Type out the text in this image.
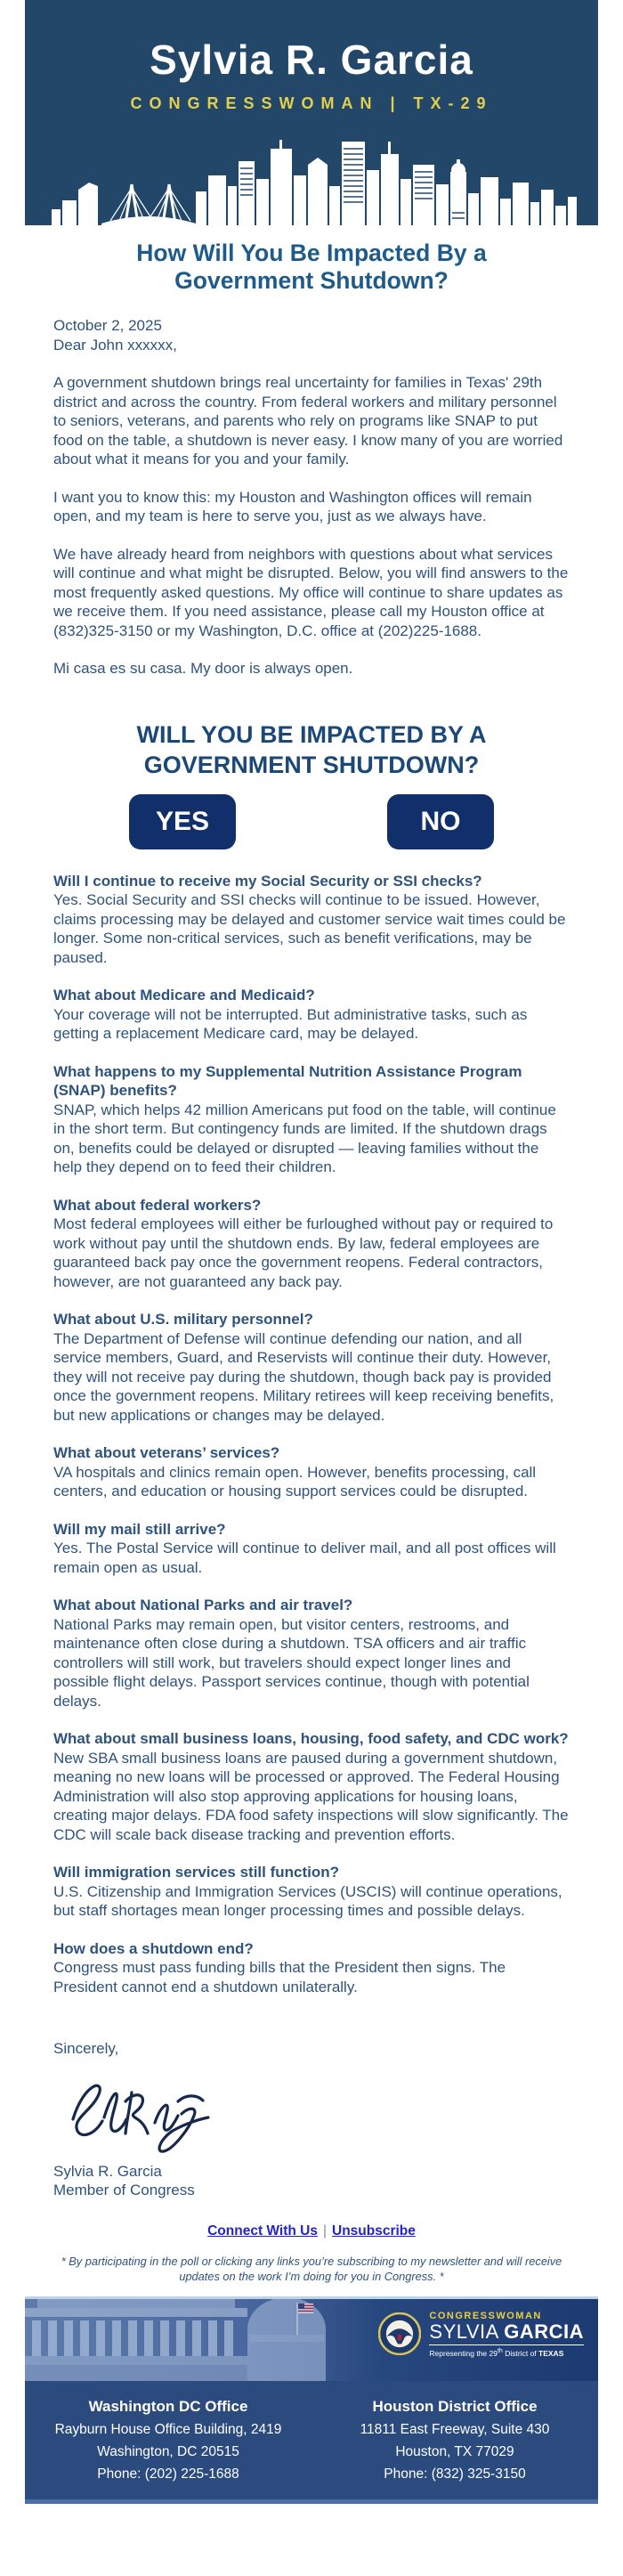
Sylvia R. Garcia
CONGRESSWOMAN | TX-29
How Will You Be Impacted By a
Government Shutdown?

October 2, 2025

Dear John xxxxxx,

A government shutdown brings real uncertainty for families in Texas' 29th district and across the country. From federal workers and military personnel to seniors, veterans, and parents who rely on programs like SNAP to put food on the table, a shutdown is never easy. I know many of you are worried about what it means for you and your family.

I want you to know this: my Houston and Washington offices will remain open, and my team is here to serve you, just as we always have.

We have already heard from neighbors with questions about what services will continue and what might be disrupted. Below, you will find answers to the most frequently asked questions. My office will continue to share updates as we receive them. If you need assistance, please call my Houston office at (832)325-3150 or my Washington, D.C. office at (202)225-1688.

Mi casa es su casa. My door is always open.

WILL YOU BE IMPACTED BY A
GOVERNMENT SHUTDOWN?
YES	NO

Will I continue to receive my Social Security or SSI checks?

Yes. Social Security and SSI checks will continue to be issued. However, claims processing may be delayed and customer service wait times could be longer. Some non-critical services, such as benefit verifications, may be paused.

What about Medicare and Medicaid?

Your coverage will not be interrupted. But administrative tasks, such as getting a replacement Medicare card, may be delayed.

What happens to my Supplemental Nutrition Assistance Program (SNAP) benefits?

SNAP, which helps 42 million Americans put food on the table, will continue in the short term. But contingency funds are limited. If the shutdown drags on, benefits could be delayed or disrupted — leaving families without the help they depend on to feed their children.

What about federal workers?

Most federal employees will either be furloughed without pay or required to work without pay until the shutdown ends. By law, federal employees are guaranteed back pay once the government reopens. Federal contractors, however, are not guaranteed any back pay.

What about U.S. military personnel?

The Department of Defense will continue defending our nation, and all service members, Guard, and Reservists will continue their duty. However, they will not receive pay during the shutdown, though back pay is provided once the government reopens. Military retirees will keep receiving benefits, but new applications or changes may be delayed.

What about veterans’ services?

VA hospitals and clinics remain open. However, benefits processing, call centers, and education or housing support services could be disrupted.

Will my mail still arrive?

Yes. The Postal Service will continue to deliver mail, and all post offices will remain open as usual.

What about National Parks and air travel?

National Parks may remain open, but visitor centers, restrooms, and maintenance often close during a shutdown. TSA officers and air traffic controllers will still work, but travelers should expect longer lines and possible flight delays. Passport services continue, though with potential delays.

What about small business loans, housing, food safety, and CDC work?

New SBA small business loans are paused during a government shutdown, meaning no new loans will be processed or approved. The Federal Housing Administration will also stop approving applications for housing loans, creating major delays. FDA food safety inspections will slow significantly. The CDC will scale back disease tracking and prevention efforts.

Will immigration services still function?

U.S. Citizenship and Immigration Services (USCIS) will continue operations, but staff shortages mean longer processing times and possible delays.

How does a shutdown end?

Congress must pass funding bills that the President then signs. The President cannot end a shutdown unilaterally.

Sincerely,

Sylvia R. Garcia

Member of Congress

Connect With Us | Unsubscribe
* By participating in the poll or clicking any links you’re subscribing to my newsletter and will receive updates on the work I’m doing for you in Congress. *
CONGRESSWOMAN
SYLVIA GARCIA
Representing the 29th District of TEXAS
Washington DC Office
Rayburn House Office Building, 2419
Washington, DC 20515
Phone: (202) 225-1688
Houston District Office
11811 East Freeway, Suite 430
Houston, TX 77029
Phone: (832) 325-3150
